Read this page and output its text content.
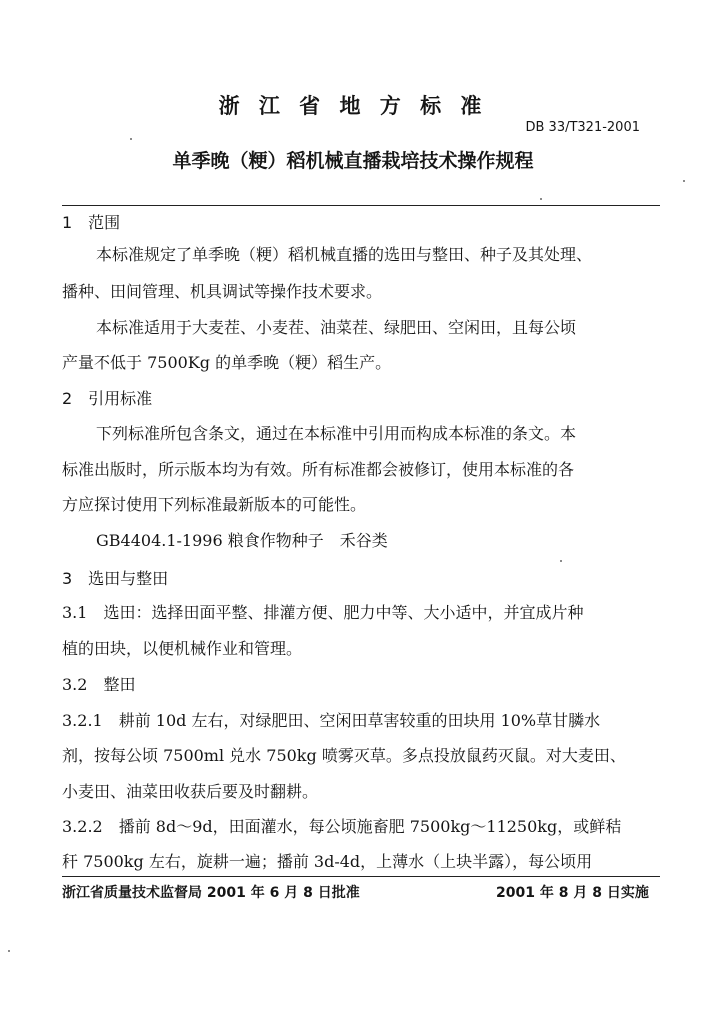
浙 江 省 地 方 标 准
DB 33/T321-2001
单季晚（粳）稻机械直播栽培技术操作规程
1　范围
本标准规定了单季晚（粳）稻机械直播的选田与整田、种子及其处理、
播种、田间管理、机具调试等操作技术要求。
本标准适用于大麦茬、小麦茬、油菜茬、绿肥田、空闲田，且每公顷
产量不低于 7500Kg 的单季晚（粳）稻生产。
2　引用标准
下列标准所包含条文，通过在本标准中引用而构成本标准的条文。本
标准出版时，所示版本均为有效。所有标准都会被修订，使用本标准的各
方应探讨使用下列标准最新版本的可能性。
GB4404.1-1996 粮食作物种子　禾谷类
3　选田与整田
3.1　选田：选择田面平整、排灌方便、肥力中等、大小适中，并宜成片种
植的田块，以便机械作业和管理。
3.2　整田
3.2.1　耕前 10d 左右，对绿肥田、空闲田草害较重的田块用 10%草甘膦水
剂，按每公顷 7500ml 兑水 750kg 喷雾灭草。多点投放鼠药灭鼠。对大麦田、
小麦田、油菜田收获后要及时翻耕。
3.2.2　播前 8d～9d，田面灌水，每公顷施畜肥 7500kg～11250kg，或鲜秸
秆 7500kg 左右，旋耕一遍；播前 3d-4d，上薄水（上块半露），每公顷用
浙江省质量技术监督局 2001 年 6 月 8 日批准	2001 年 8 月 8 日实施
